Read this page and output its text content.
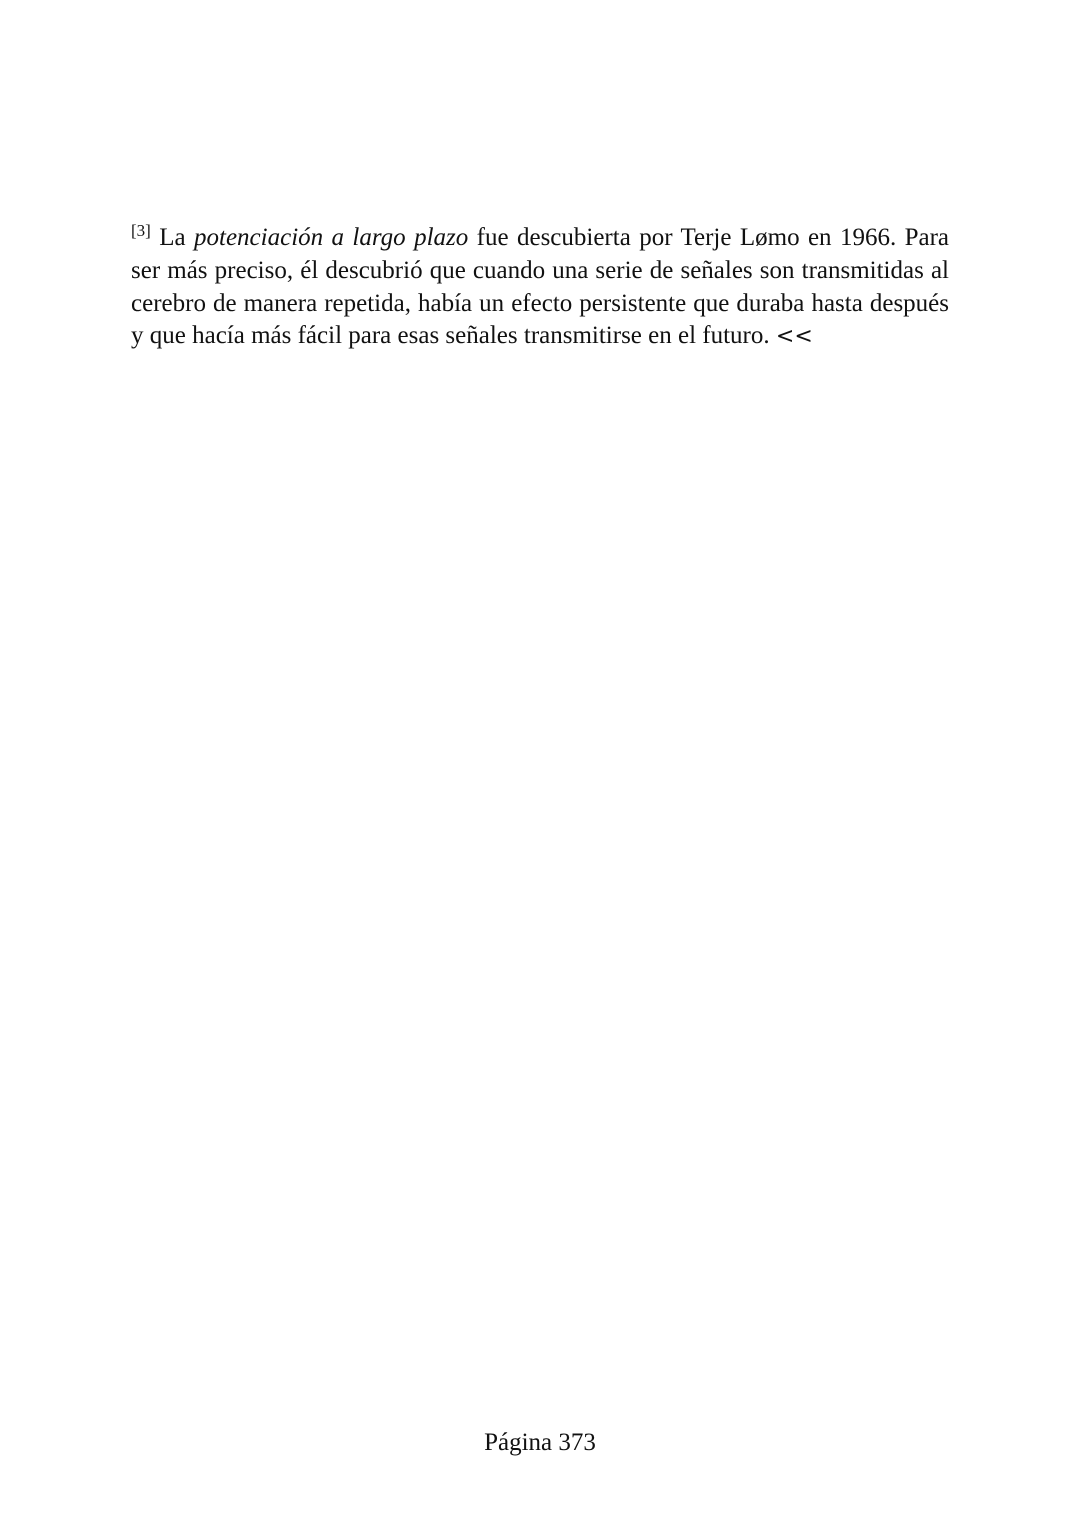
[3] La potenciación a largo plazo fue descubierta por Terje Lømo en 1966. Para ser más preciso, él descubrió que cuando una serie de señales son transmitidas al cerebro de manera repetida, había un efecto persistente que duraba hasta después y que hacía más fácil para esas señales transmitirse en el futuro. <<

Página 373
